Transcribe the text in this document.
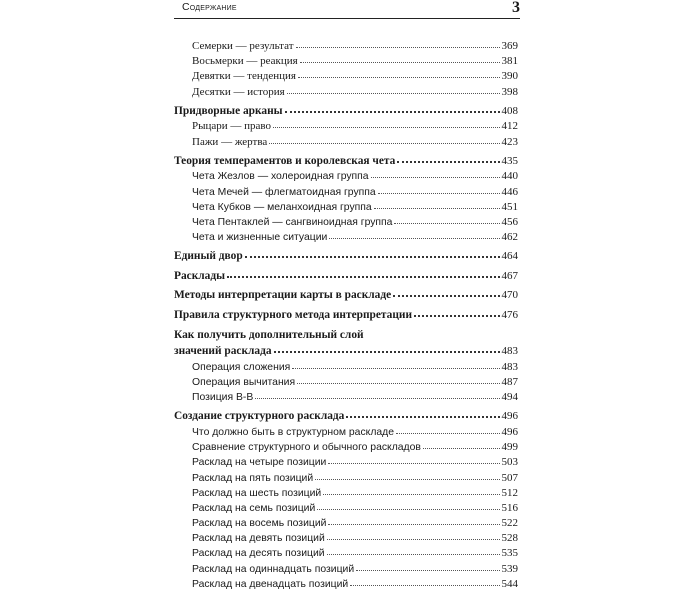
Содержание	3
Семерки — результат	369
Восьмерки — реакция	381
Девятки — тенденция	390
Десятки — история	398
Придворные арканы	408
Рыцари — право	412
Пажи — жертва	423
Теория темпераментов и королевская чета	435
Чета Жезлов — холероидная группа	440
Чета Мечей — флегматоидная группа	446
Чета Кубков — меланхоидная группа	451
Чета Пентаклей — сангвиноидная группа	456
Чета и жизненные ситуации	462
Единый двор	464
Расклады	467
Методы интерпретации карты в раскладе	470
Правила структурного метода интерпретации	476
Как получить дополнительный слой
значений расклада	483
Операция сложения	483
Операция вычитания	487
Позиция В-В	494
Создание структурного расклада	496
Что должно быть в структурном раскладе	496
Сравнение структурного и обычного раскладов	499
Расклад на четыре позиции	503
Расклад на пять позиций	507
Расклад на шесть позиций	512
Расклад на семь позиций	516
Расклад на восемь позиций	522
Расклад на девять позиций	528
Расклад на десять позиций	535
Расклад на одиннадцать позиций	539
Расклад на двенадцать позиций	544
